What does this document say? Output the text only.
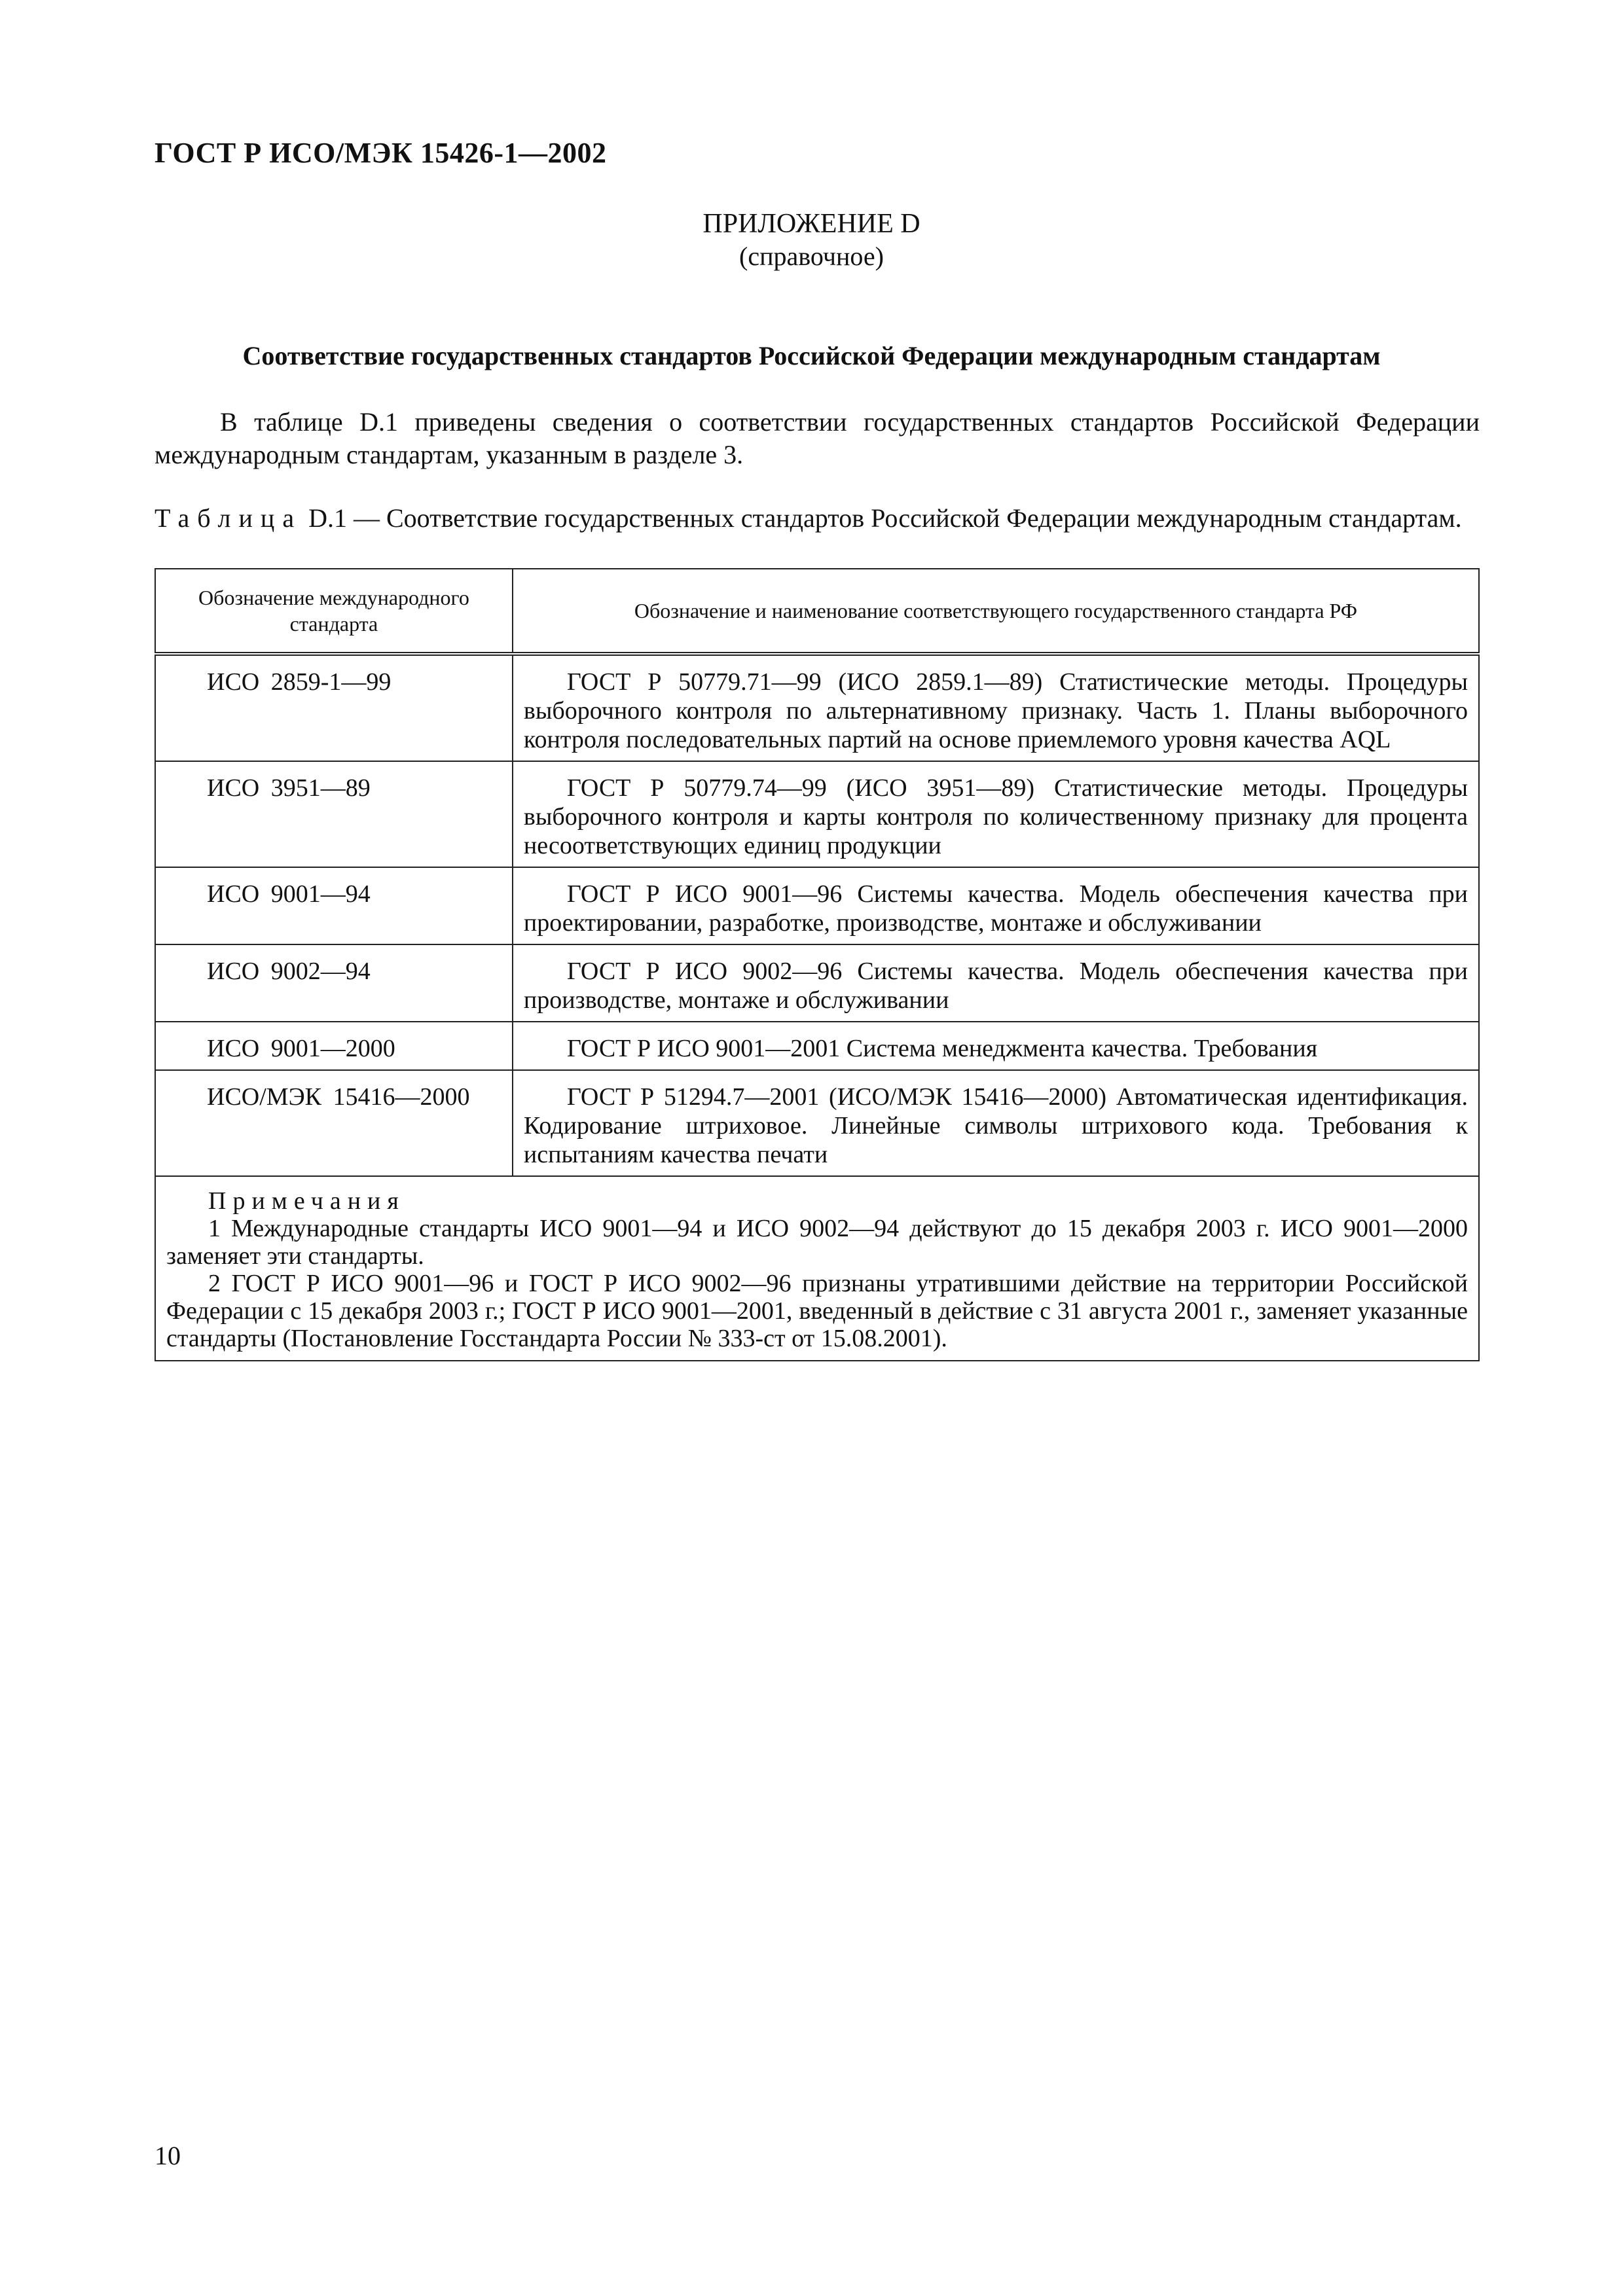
ГОСТ Р ИСО/МЭК 15426-1—2002
ПРИЛОЖЕНИЕ D
(справочное)
Соответствие государственных стандартов Российской Федерации международным стандартам

В таблице D.1 приведены сведения о соответствии государственных стандартов Российской Федерации международным стандартам, указанным в разделе 3.

Таблица D.1 — Соответствие государственных стандартов Российской Федерации международным стандартам.

Обозначение международного стандарта	Обозначение и наименование соответствующего государственного стандарта РФ
ИСО 2859-1—99	ГОСТ Р 50779.71—99 (ИСО 2859.1—89) Статистические методы. Процедуры выборочного контроля по альтернативному признаку. Часть 1. Планы выборочного контроля последовательных партий на основе приемлемого уровня качества AQL
ИСО 3951—89	ГОСТ Р 50779.74—99 (ИСО 3951—89) Статистические методы. Процедуры выборочного контроля и карты контроля по количественному признаку для процента несоответствующих единиц продукции
ИСО 9001—94	ГОСТ Р ИСО 9001—96 Системы качества. Модель обеспечения качества при проектировании, разработке, производстве, монтаже и обслуживании
ИСО 9002—94	ГОСТ Р ИСО 9002—96 Системы качества. Модель обеспечения качества при производстве, монтаже и обслуживании
ИСО 9001—2000	ГОСТ Р ИСО 9001—2001 Система менеджмента качества. Требования
ИСО/МЭК 15416—2000	ГОСТ Р 51294.7—2001 (ИСО/МЭК 15416—2000) Автоматическая идентификация. Кодирование штриховое. Линейные символы штрихового кода. Требования к испытаниям качества печати

Примечания
1 Международные стандарты ИСО 9001—94 и ИСО 9002—94 действуют до 15 декабря 2003 г. ИСО 9001—2000 заменяет эти стандарты.
2 ГОСТ Р ИСО 9001—96 и ГОСТ Р ИСО 9002—96 признаны утратившими действие на территории Российской Федерации с 15 декабря 2003 г.; ГОСТ Р ИСО 9001—2001, введенный в действие с 31 августа 2001 г., заменяет указанные стандарты (Постановление Госстандарта России № 333-ст от 15.08.2001).	
10
